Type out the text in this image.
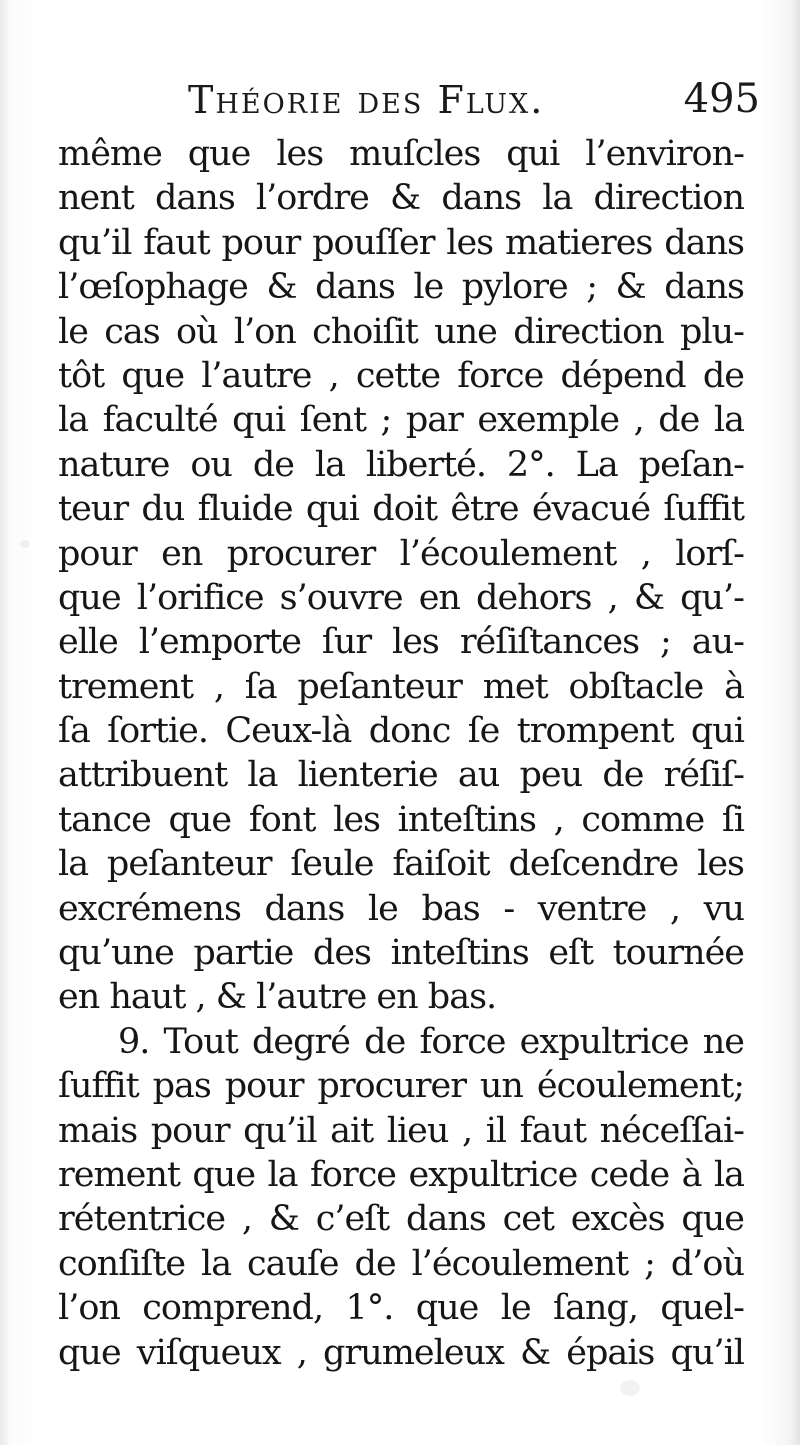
Théorie des Flux.	495
même que les muſcles qui l’environ-
nent dans l’ordre & dans la direction
qu’il faut pour pouſſer les matieres dans
l’œſophage & dans le pylore ; & dans
le cas où l’on choiſit une direction plu-
tôt que l’autre , cette force dépend de
la faculté qui ſent ; par exemple , de la
nature ou de la liberté. 2°. La peſan-
teur du fluide qui doit être évacué ſuffit
pour en procurer l’écoulement , lorſ-
que l’orifice s’ouvre en dehors , & qu’-
elle l’emporte ſur les réſiſtances ; au-
trement , ſa peſanteur met obſtacle à
ſa ſortie. Ceux-là donc ſe trompent qui
attribuent la lienterie au peu de réſiſ-
tance que font les inteſtins , comme ſi
la peſanteur ſeule faiſoit deſcendre les
excrémens dans le bas - ventre , vu
qu’une partie des inteſtins eſt tournée
en haut , & l’autre en bas.
9. Tout degré de force expultrice ne
ſuffit pas pour procurer un écoulement;
mais pour qu’il ait lieu , il faut néceſſai-
rement que la force expultrice cede à la
rétentrice , & c’eſt dans cet excès que
conſiſte la cauſe de l’écoulement ; d’où
l’on comprend, 1°. que le ſang, quel-
que viſqueux , grumeleux & épais qu’il
